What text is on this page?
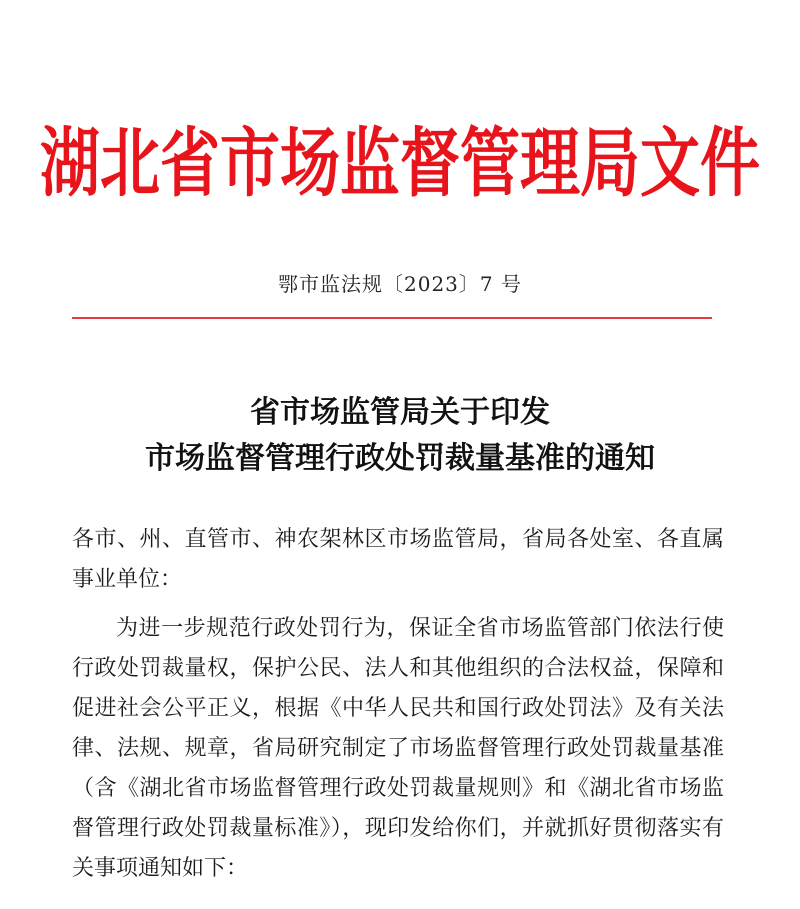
湖北省市场监督管理局文件
鄂市监法规〔2023〕7 号
省市场监管局关于印发
市场监督管理行政处罚裁量基准的通知
各市、州、直管市、神农架林区市场监管局，省局各处室、各直属事业单位：
为进一步规范行政处罚行为，保证全省市场监管部门依法行使行政处罚裁量权，保护公民、法人和其他组织的合法权益，保障和促进社会公平正义，根据《中华人民共和国行政处罚法》及有关法律、法规、规章，省局研究制定了市场监督管理行政处罚裁量基准（含《湖北省市场监督管理行政处罚裁量规则》和《湖北省市场监督管理行政处罚裁量标准》），现印发给你们，并就抓好贯彻落实有关事项通知如下：
